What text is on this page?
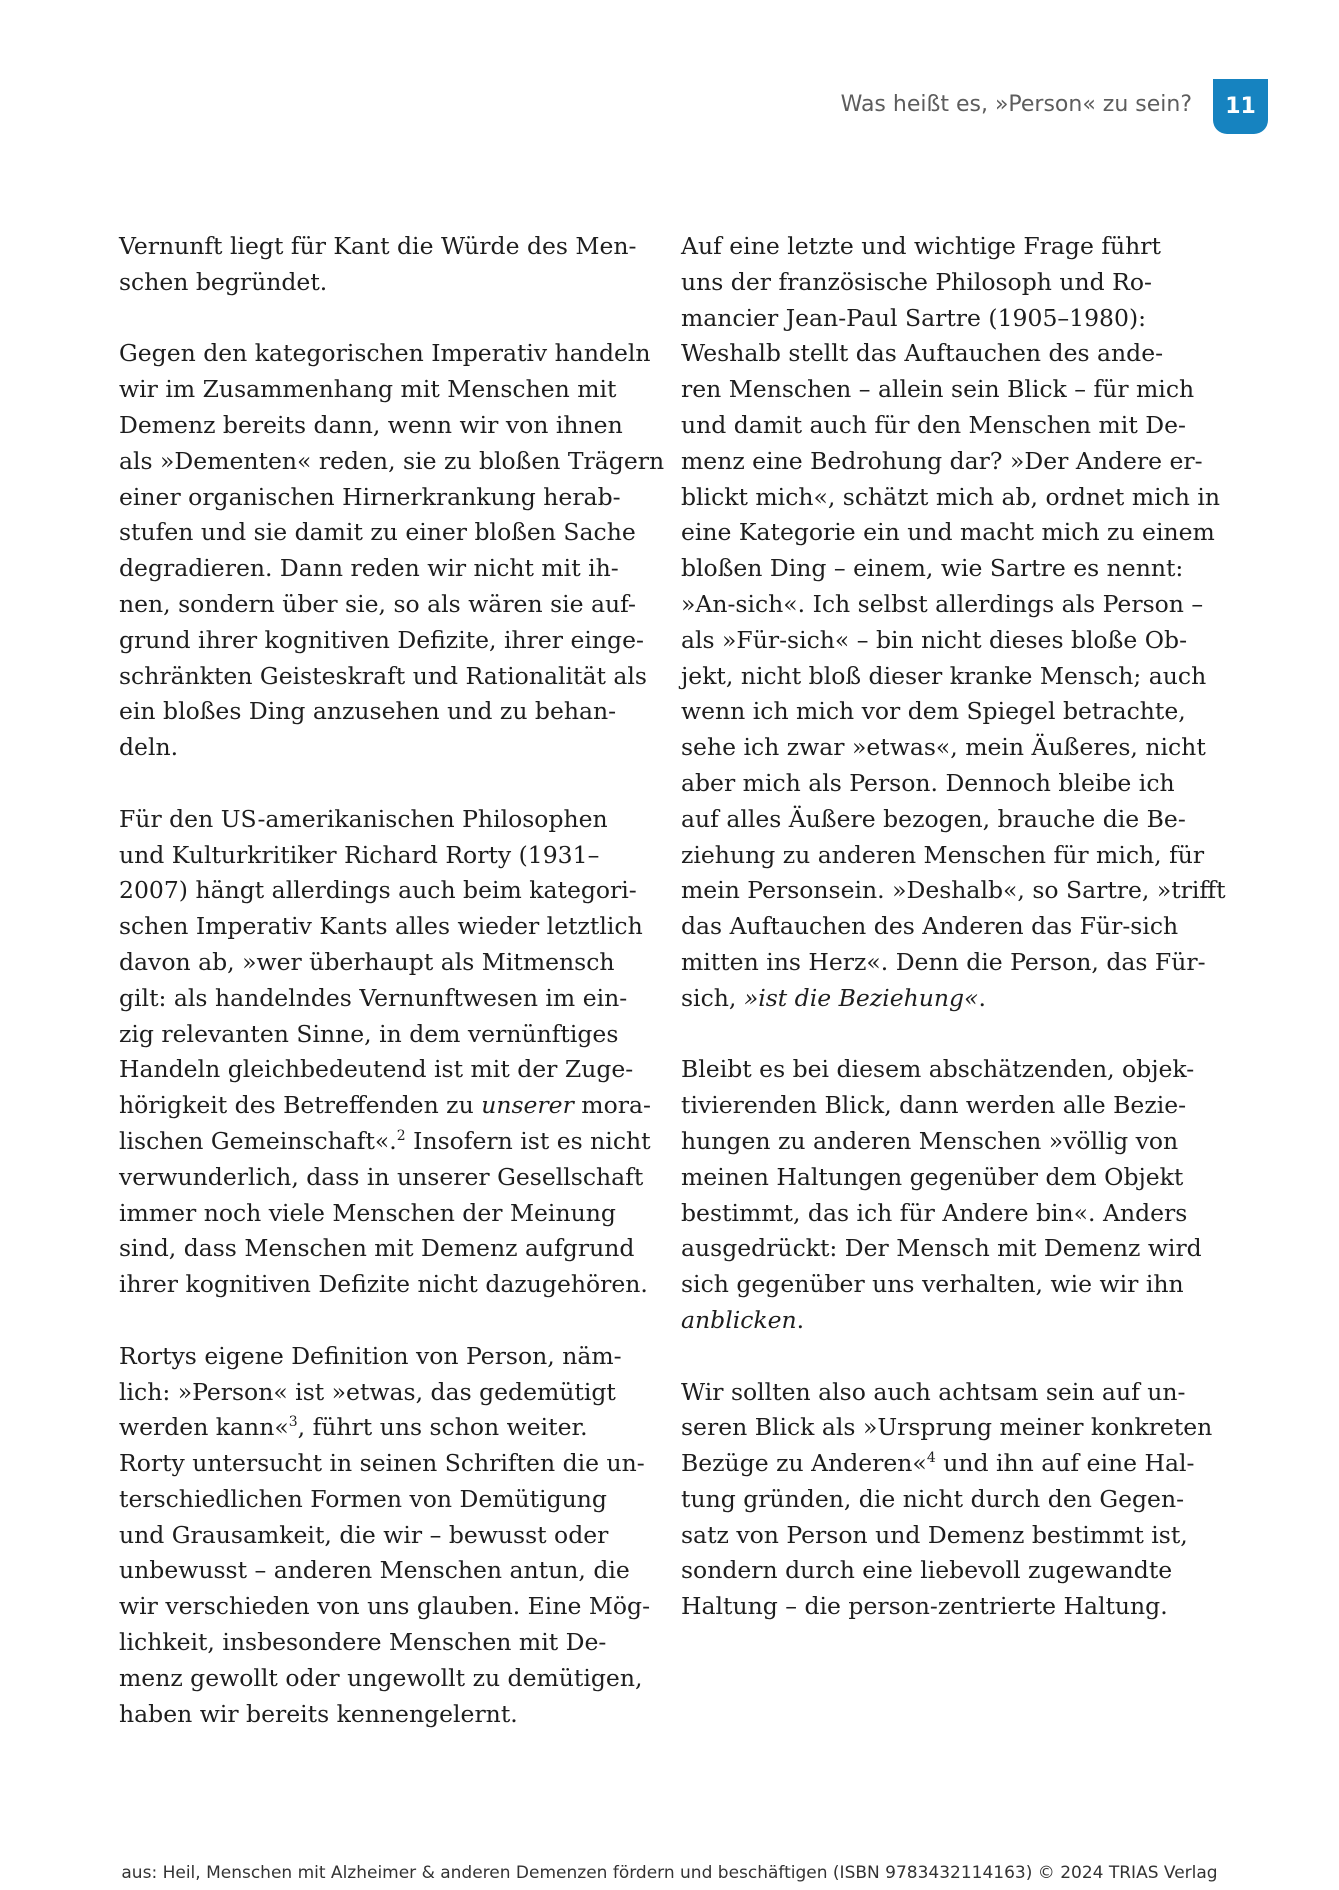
Was heißt es, »Person« zu sein? 11

Vernunft liegt für Kant die Würde des Men-
schen begründet.

Gegen den kategorischen Imperativ handeln
wir im Zusammenhang mit Menschen mit
Demenz bereits dann, wenn wir von ihnen
als »Dementen« reden, sie zu bloßen Trägern
einer organischen Hirnerkrankung herab-
stufen und sie damit zu einer bloßen Sache
degradieren. Dann reden wir nicht mit ih-
nen, sondern über sie, so als wären sie auf-
grund ihrer kognitiven Defizite, ihrer einge-
schränkten Geisteskraft und Rationalität als
ein bloßes Ding anzusehen und zu behan-
deln.

Für den US-amerikanischen Philosophen
und Kulturkritiker Richard Rorty (1931–
2007) hängt allerdings auch beim kategori-
schen Imperativ Kants alles wieder letztlich
davon ab, »wer überhaupt als Mitmensch
gilt: als handelndes Vernunftwesen im ein-
zig relevanten Sinne, in dem vernünftiges
Handeln gleichbedeutend ist mit der Zuge-
hörigkeit des Betreffenden zu unserer mora-
lischen Gemeinschaft«.$^2$ Insofern ist es nicht
verwunderlich, dass in unserer Gesellschaft
immer noch viele Menschen der Meinung
sind, dass Menschen mit Demenz aufgrund
ihrer kognitiven Defizite nicht dazugehören.

Rortys eigene Definition von Person, näm-
lich: »Person« ist »etwas, das gedemütigt
werden kann«$^3$, führt uns schon weiter.
Rorty untersucht in seinen Schriften die un-
terschiedlichen Formen von Demütigung
und Grausamkeit, die wir – bewusst oder
unbewusst – anderen Menschen antun, die
wir verschieden von uns glauben. Eine Mög-
lichkeit, insbesondere Menschen mit De-
menz gewollt oder ungewollt zu demütigen,
haben wir bereits kennengelernt.

Auf eine letzte und wichtige Frage führt
uns der französische Philosoph und Ro-
mancier Jean-Paul Sartre (1905–1980):
Weshalb stellt das Auftauchen des ande-
ren Menschen – allein sein Blick – für mich
und damit auch für den Menschen mit De-
menz eine Bedrohung dar? »Der Andere er-
blickt mich«, schätzt mich ab, ordnet mich in
eine Kategorie ein und macht mich zu einem
bloßen Ding – einem, wie Sartre es nennt:
»An-sich«. Ich selbst allerdings als Person –
als »Für-sich« – bin nicht dieses bloße Ob-
jekt, nicht bloß dieser kranke Mensch; auch
wenn ich mich vor dem Spiegel betrachte,
sehe ich zwar »etwas«, mein Äußeres, nicht
aber mich als Person. Dennoch bleibe ich
auf alles Äußere bezogen, brauche die Be-
ziehung zu anderen Menschen für mich, für
mein Personsein. »Deshalb«, so Sartre, »trifft
das Auftauchen des Anderen das Für-sich
mitten ins Herz«. Denn die Person, das Für-
sich, »ist die Beziehung«.

Bleibt es bei diesem abschätzenden, objek-
tivierenden Blick, dann werden alle Bezie-
hungen zu anderen Menschen »völlig von
meinen Haltungen gegenüber dem Objekt
bestimmt, das ich für Andere bin«. Anders
ausgedrückt: Der Mensch mit Demenz wird
sich gegenüber uns verhalten, wie wir ihn
anblicken.

Wir sollten also auch achtsam sein auf un-
seren Blick als »Ursprung meiner konkreten
Bezüge zu Anderen«$^4$ und ihn auf eine Hal-
tung gründen, die nicht durch den Gegen-
satz von Person und Demenz bestimmt ist,
sondern durch eine liebevoll zugewandte
Haltung – die person-zentrierte Haltung.

aus: Heil, Menschen mit Alzheimer & anderen Demenzen fördern und beschäftigen (ISBN 9783432114163) © 2024 TRIAS Verlag
